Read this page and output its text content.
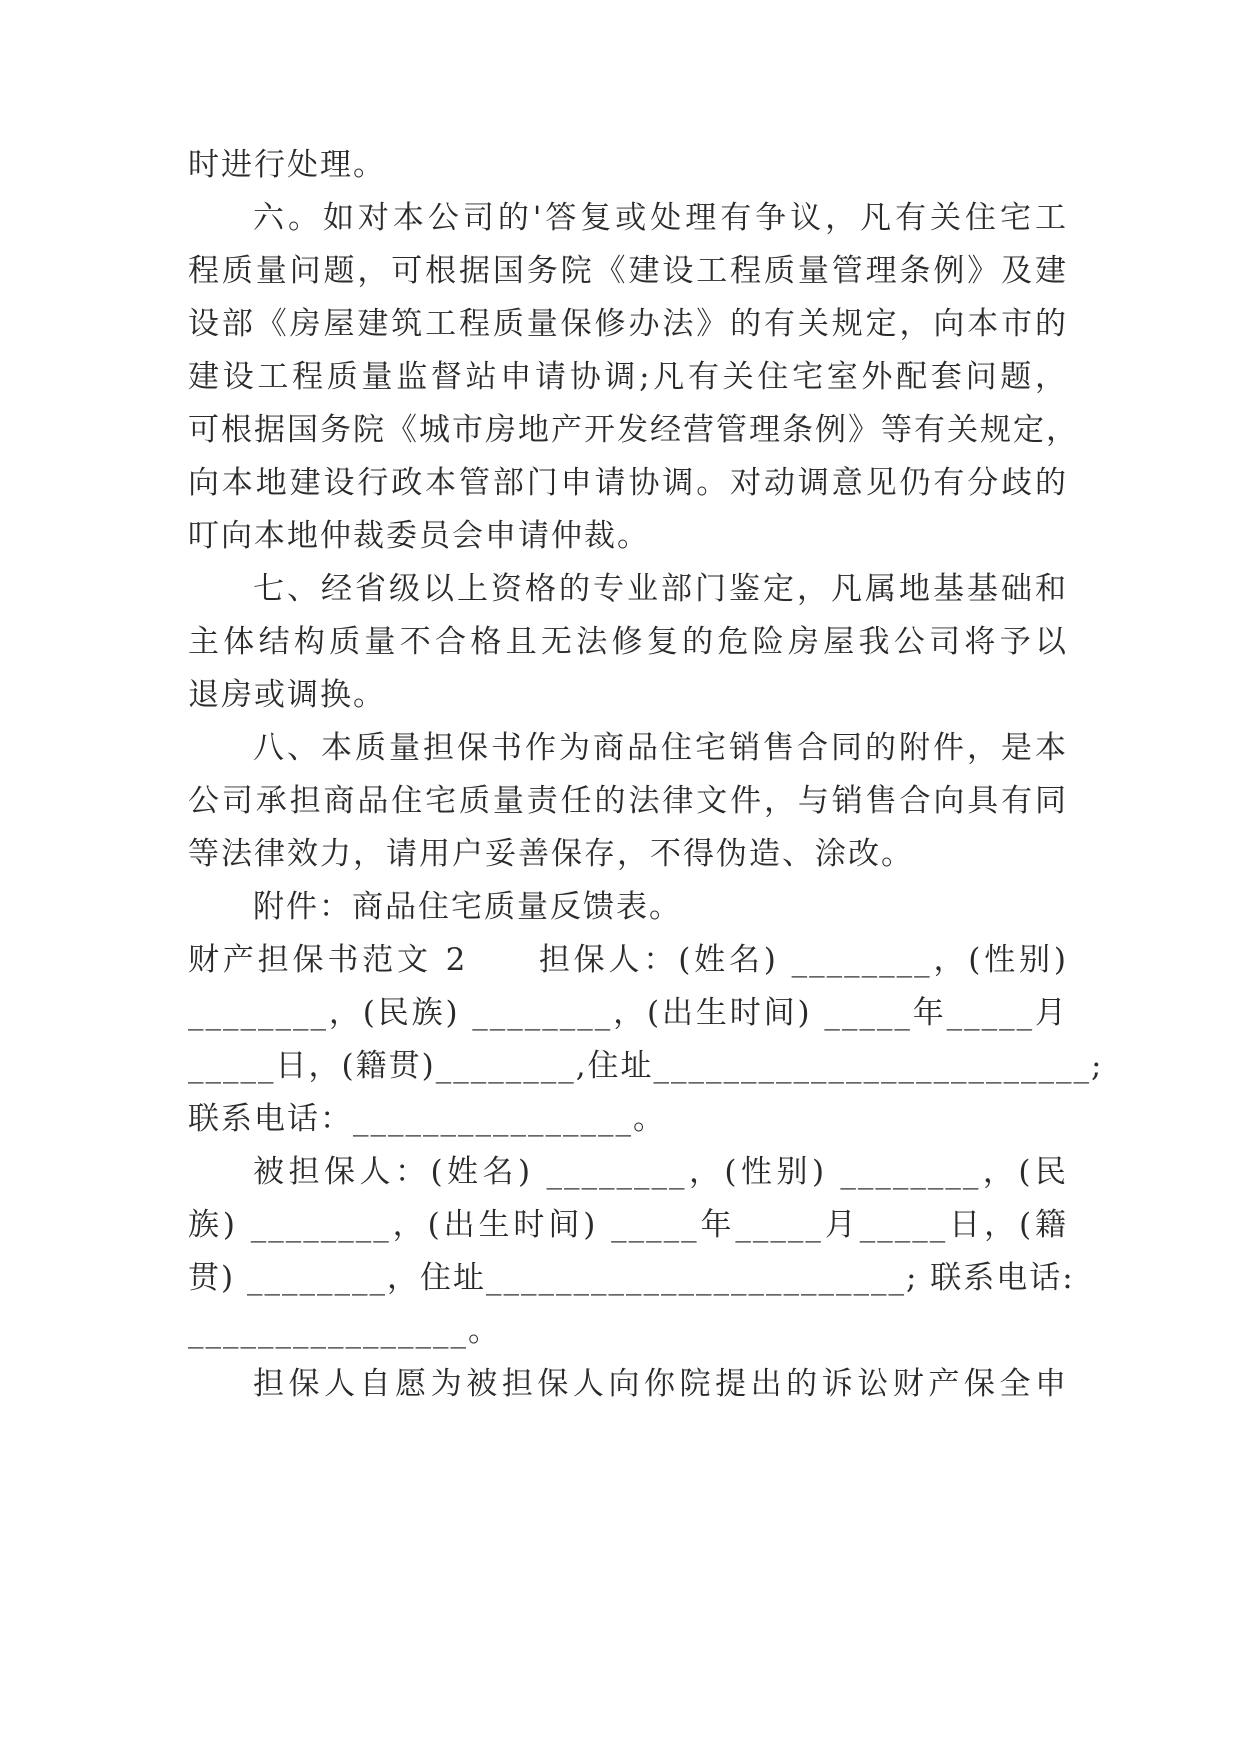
时进行处理。
六。如对本公司的'答复或处理有争议，凡有关住宅工
程质量问题，可根据国务院《建设工程质量管理条例》及建
设部《房屋建筑工程质量保修办法》的有关规定，向本市的
建设工程质量监督站申请协调;凡有关住宅室外配套问题，
可根据国务院《城市房地产开发经营管理条例》等有关规定，
向本地建设行政本管部门申请协调。对动调意见仍有分歧的
叮向本地仲裁委员会申请仲裁。
七、经省级以上资格的专业部门鉴定，凡属地基基础和
主体结构质量不合格且无法修复的危险房屋我公司将予以
退房或调换。
八、本质量担保书作为商品住宅销售合同的附件，是本
公司承担商品住宅质量责任的法律文件，与销售合向具有同
等法律效力，请用户妥善保存，不得伪造、涂改。
附件：商品住宅质量反馈表。
财产担保书范文 2　　担保人：(姓名) ________，(性别)
________，(民族) ________，(出生时间) _____年_____月
_____日，(籍贯)________,住址_________________________;
联系电话：________________。
被担保人：(姓名) ________，(性别) ________，(民
族) ________，(出生时间) _____年_____月_____日，(籍
贯) ________，住址________________________; 联系电话:
________________。
担保人自愿为被担保人向你院提出的诉讼财产保全申
